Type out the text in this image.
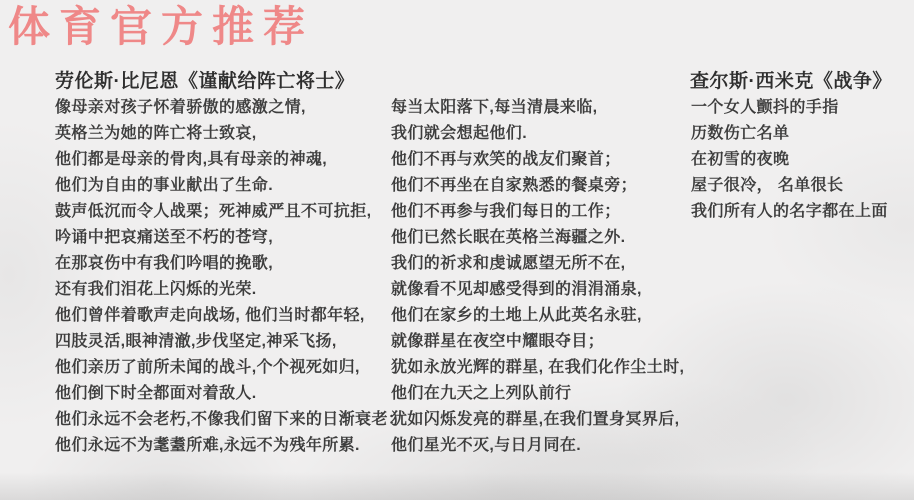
体育官方推荐
劳伦斯·比尼恩《谨献给阵亡将士》

像母亲对孩子怀着骄傲的感激之情,

英格兰为她的阵亡将士致哀,

他们都是母亲的骨肉,具有母亲的神魂,

他们为自由的事业献出了生命.

鼓声低沉而令人战栗；死神威严且不可抗拒,

吟诵中把哀痛送至不朽的苍穹,

在那哀伤中有我们吟唱的挽歌,

还有我们泪花上闪烁的光荣.

他们曾伴着歌声走向战场, 他们当时都年轻,

四肢灵活,眼神清澈,步伐坚定,神采飞扬,

他们亲历了前所未闻的战斗,个个视死如归,

他们倒下时全都面对着敌人.

他们永远不会老朽,不像我们留下来的日渐衰老：

他们永远不为耄耋所难,永远不为残年所累.

每当太阳落下,每当清晨来临,

我们就会想起他们.

他们不再与欢笑的战友们聚首；

他们不再坐在自家熟悉的餐桌旁；

他们不再参与我们每日的工作；

他们已然长眠在英格兰海疆之外.

我们的祈求和虔诚愿望无所不在,

就像看不见却感受得到的涓涓涌泉,

他们在家乡的土地上从此英名永驻,

就像群星在夜空中耀眼夺目；

犹如永放光辉的群星, 在我们化作尘土时,

他们在九天之上列队前行

犹如闪烁发亮的群星,在我们置身冥界后,

他们星光不灭,与日月同在.

查尔斯·西米克《战争》

一个女人颤抖的手指

历数伤亡名单

在初雪的夜晚

屋子很冷， 名单很长

我们所有人的名字都在上面
